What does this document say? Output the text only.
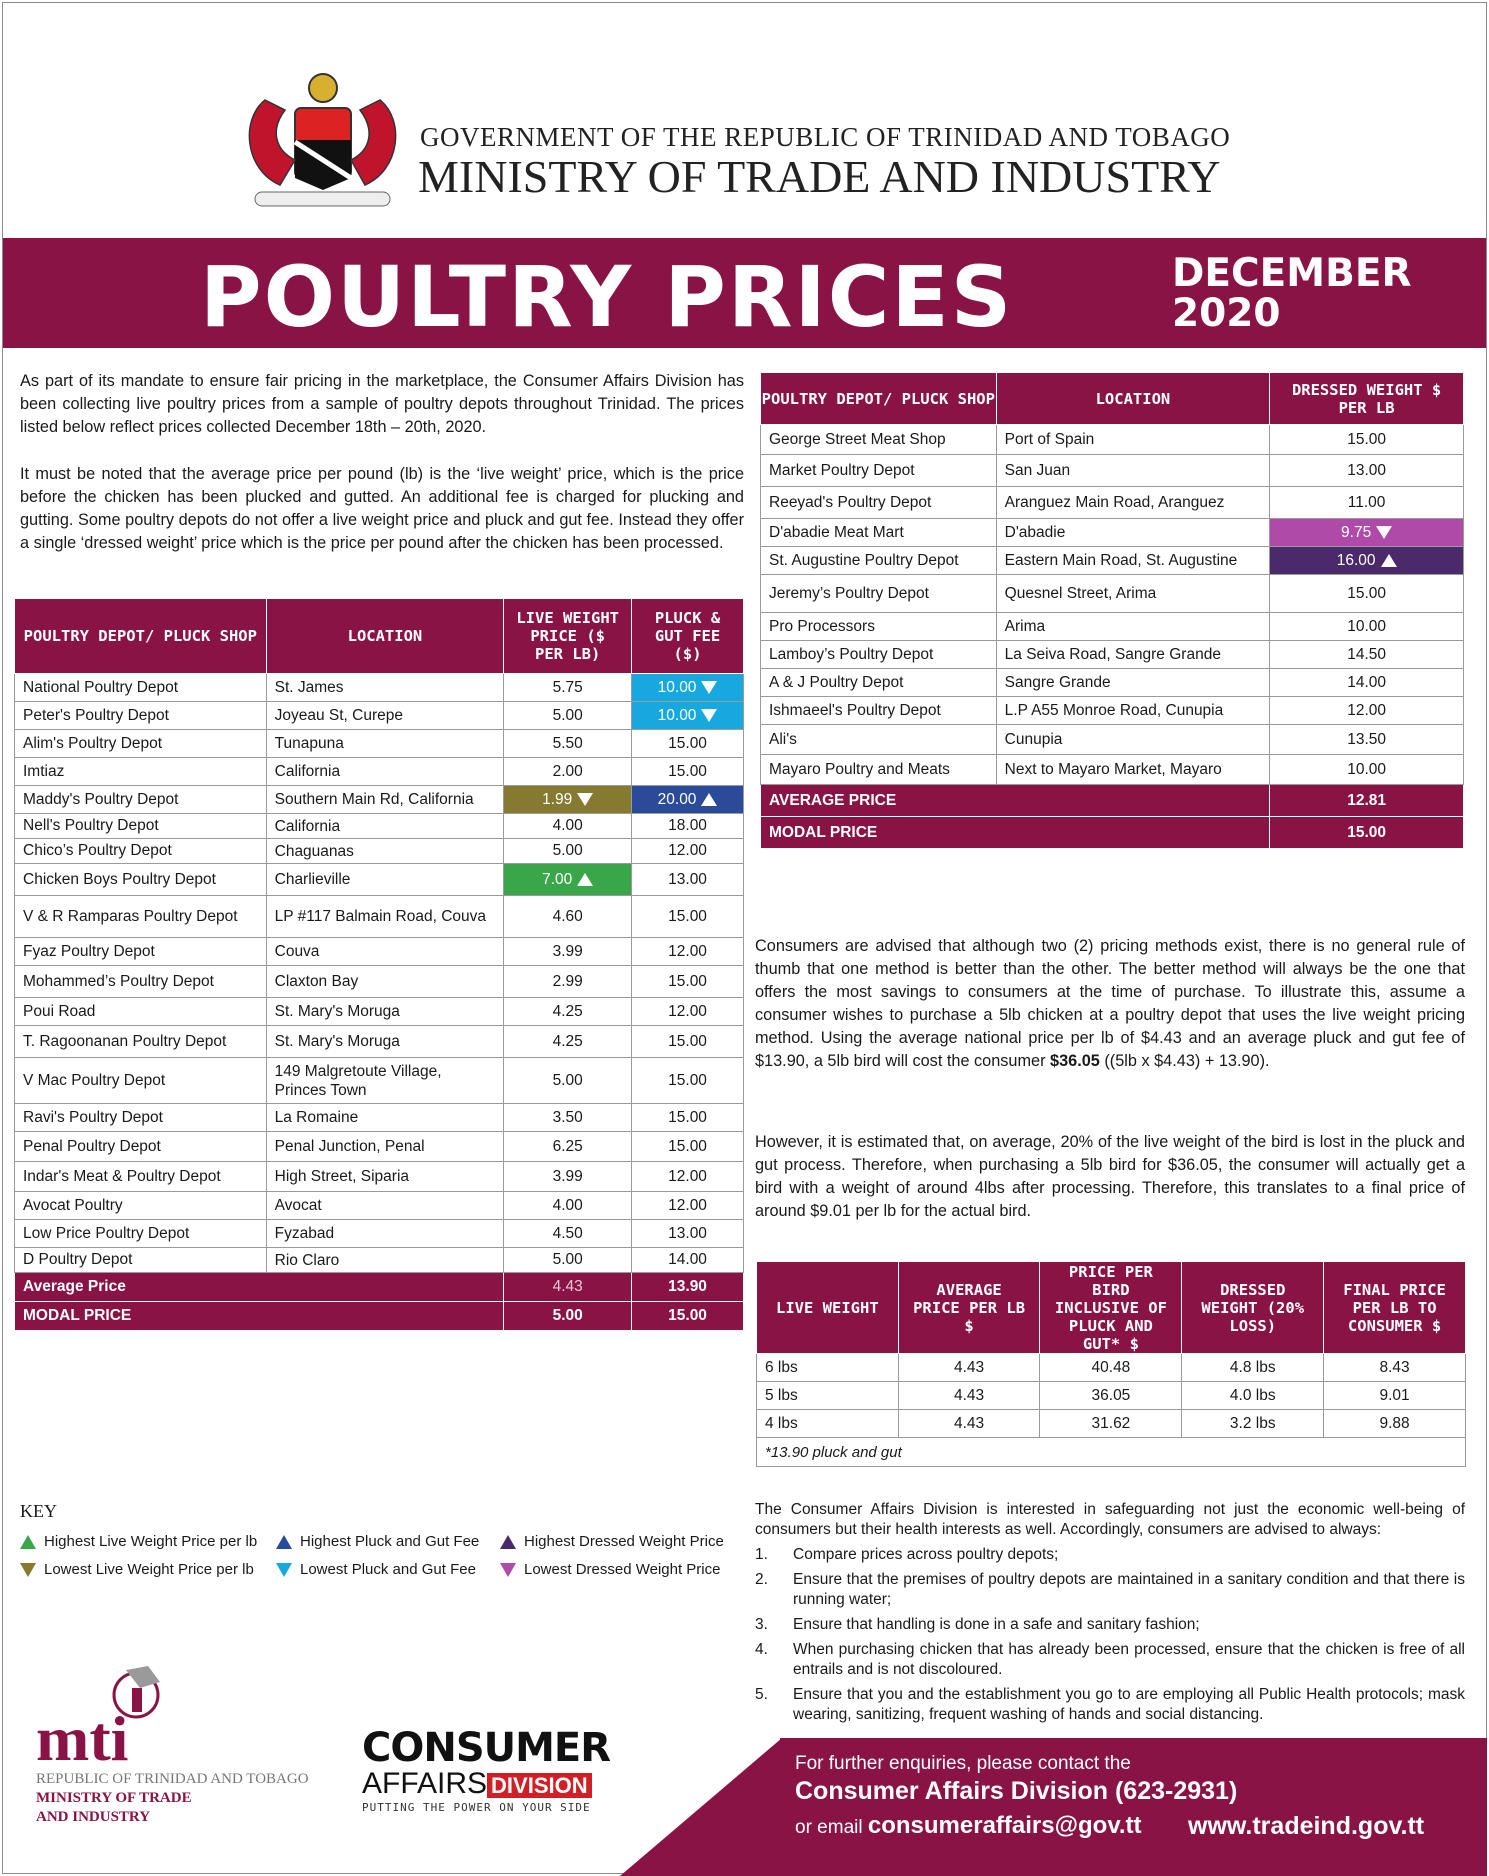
GOVERNMENT OF THE REPUBLIC OF TRINIDAD AND TOBAGO
MINISTRY OF TRADE AND INDUSTRY
POULTRY PRICES	DECEMBER
2020
As part of its mandate to ensure fair pricing in the marketplace, the Consumer Affairs Division has been collecting live poultry prices from a sample of poultry depots throughout Trinidad. The prices listed below reflect prices collected December 18th – 20th, 2020.
It must be noted that the average price per pound (lb) is the ‘live weight’ price, which is the price before the chicken has been plucked and gutted. An additional fee is charged for plucking and gutting. Some poultry depots do not offer a live weight price and pluck and gut fee. Instead they offer a single ‘dressed weight’ price which is the price per pound after the chicken has been processed.
POULTRY DEPOT/ PLUCK SHOP	LOCATION	LIVE WEIGHT PRICE ($ PER LB)	PLUCK & GUT FEE ($)
National Poultry Depot	St. James	5.75	10.00
Peter's Poultry Depot	Joyeau St, Curepe	5.00	10.00
Alim's Poultry Depot	Tunapuna	5.50	15.00
Imtiaz	California	2.00	15.00
Maddy's Poultry Depot	Southern Main Rd, California	1.99	20.00
Nell's Poultry Depot	California	4.00	18.00
Chico’s Poultry Depot	Chaguanas	5.00	12.00
Chicken Boys Poultry Depot	Charlieville	7.00	13.00
V & R Ramparas Poultry Depot	LP #117 Balmain Road, Couva	4.60	15.00
Fyaz Poultry Depot	Couva	3.99	12.00
Mohammed’s Poultry Depot	Claxton Bay	2.99	15.00
Poui Road	St. Mary's Moruga	4.25	12.00
T. Ragoonanan Poultry Depot	St. Mary's Moruga	4.25	15.00
V Mac Poultry Depot	149 Malgretoute Village, Princes Town	5.00	15.00
Ravi's Poultry Depot	La Romaine	3.50	15.00
Penal Poultry Depot	Penal Junction, Penal	6.25	15.00
Indar's Meat & Poultry Depot	High Street, Siparia	3.99	12.00
Avocat Poultry	Avocat	4.00	12.00
Low Price Poultry Depot	Fyzabad	4.50	13.00
D Poultry Depot	Rio Claro	5.00	14.00
Average Price		4.43	13.90
MODAL PRICE		5.00	15.00
POULTRY DEPOT/ PLUCK SHOP	LOCATION	DRESSED WEIGHT $ PER LB
George Street Meat Shop	Port of Spain	15.00
Market Poultry Depot	San Juan	13.00
Reeyad's Poultry Depot	Aranguez Main Road, Aranguez	11.00
D'abadie Meat Mart	D'abadie	9.75
St. Augustine Poultry Depot	Eastern Main Road, St. Augustine	16.00
Jeremy’s Poultry Depot	Quesnel Street, Arima	15.00
Pro Processors	Arima	10.00
Lamboy’s Poultry Depot	La Seiva Road, Sangre Grande	14.50
A & J Poultry Depot	Sangre Grande	14.00
Ishmaeel's Poultry Depot	L.P A55 Monroe Road, Cunupia	12.00
Ali's	Cunupia	13.50
Mayaro Poultry and Meats	Next to Mayaro Market, Mayaro	10.00
AVERAGE PRICE		12.81
MODAL PRICE		15.00
Consumers are advised that although two (2) pricing methods exist, there is no general rule of thumb that one method is better than the other. The better method will always be the one that offers the most savings to consumers at the time of purchase. To illustrate this, assume a consumer wishes to purchase a 5lb chicken at a poultry depot that uses the live weight pricing method. Using the average national price per lb of $4.43 and an average pluck and gut fee of $13.90, a 5lb bird will cost the consumer $36.05 ((5lb x $4.43) + 13.90).
However, it is estimated that, on average, 20% of the live weight of the bird is lost in the pluck and gut process. Therefore, when purchasing a 5lb bird for $36.05, the consumer will actually get a bird with a weight of around 4lbs after processing. Therefore, this translates to a final price of around $9.01 per lb for the actual bird.
LIVE WEIGHT	AVERAGE PRICE PER LB $	PRICE PER BIRD INCLUSIVE OF PLUCK AND GUT* $	DRESSED WEIGHT (20% LOSS)	FINAL PRICE PER LB TO CONSUMER $
6 lbs	4.43	40.48	4.8 lbs	8.43
5 lbs	4.43	36.05	4.0 lbs	9.01
4 lbs	4.43	31.62	3.2 lbs	9.88
*13.90 pluck and gut				
KEY
Highest Live Weight Price per lb	Highest Pluck and Gut Fee	Highest Dressed Weight Price
Lowest Live Weight Price per lb	Lowest Pluck and Gut Fee	Lowest Dressed Weight Price

The Consumer Affairs Division is interested in safeguarding not just the economic well-being of consumers but their health interests as well. Accordingly, consumers are advised to always:

1.	Compare prices across poultry depots;
2.	Ensure that the premises of poultry depots are maintained in a sanitary condition and that there is running water;
3.	Ensure that handling is done in a safe and sanitary fashion;
4.	When purchasing chicken that has already been processed, ensure that the chicken is free of all entrails and is not discoloured.
5.	Ensure that you and the establishment you go to are employing all Public Health protocols; mask wearing, sanitizing, frequent washing of hands and social distancing.
mti
REPUBLIC OF TRINIDAD AND TOBAGO
MINISTRY OF TRADE
AND INDUSTRY
CONSUMER
AFFAIRS DIVISION
PUTTING THE POWER ON YOUR SIDE
For further enquiries, please contact the
Consumer Affairs Division (623-2931)
or email consumeraffairs@gov.tt www.tradeind.gov.tt
